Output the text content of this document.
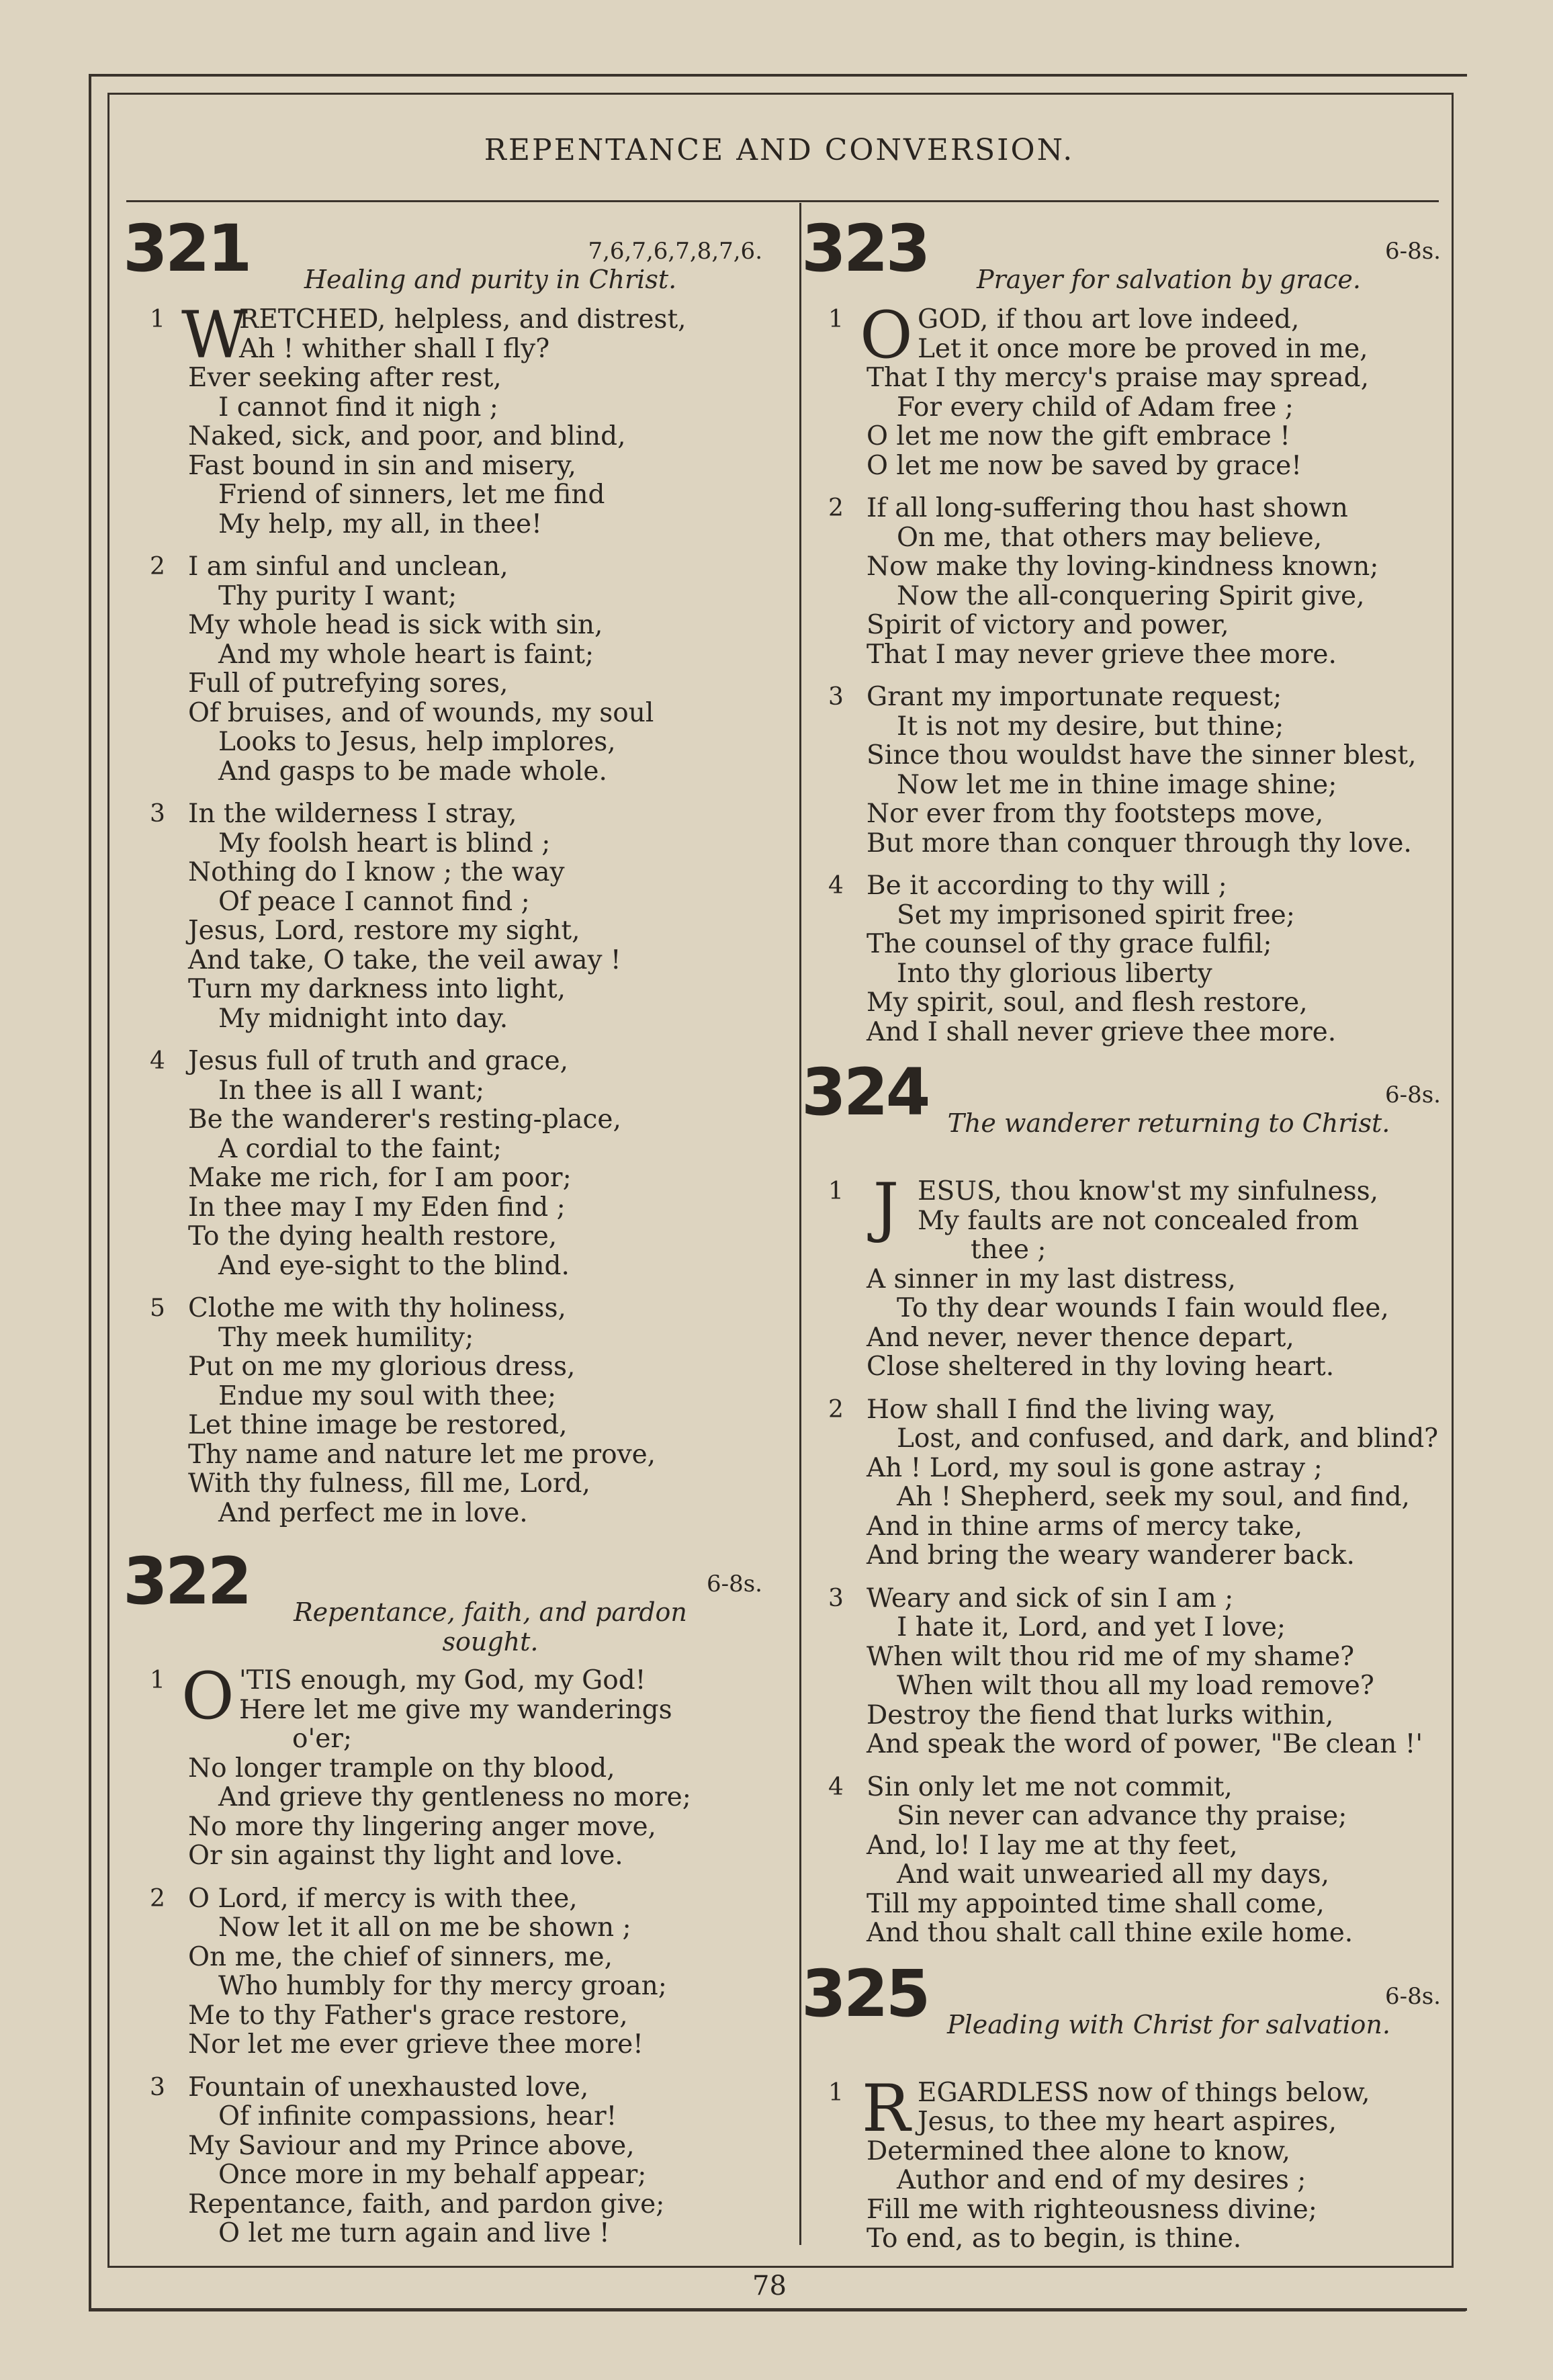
REPENTANCE AND CONVERSION.
321	7,6,7,6,7,8,7,6.
Healing and purity in Christ.
1 W
RETCHED, helpless, and distrest,
Ah ! whither shall I fly?
Ever seeking after rest,
I cannot find it nigh ;
Naked, sick, and poor, and blind,
Fast bound in sin and misery,
Friend of sinners, let me find
My help, my all, in thee!
2 I am sinful and unclean,
Thy purity I want;
My whole head is sick with sin,
And my whole heart is faint;
Full of putrefying sores,
Of bruises, and of wounds, my soul
Looks to Jesus, help implores,
And gasps to be made whole.
3 In the wilderness I stray,
My foolsh heart is blind ;
Nothing do I know ; the way
Of peace I cannot find ;
Jesus, Lord, restore my sight,
And take, O take, the veil away !
Turn my darkness into light,
My midnight into day.
4 Jesus full of truth and grace,
In thee is all I want;
Be the wanderer's resting-place,
A cordial to the faint;
Make me rich, for I am poor;
In thee may I my Eden find ;
To the dying health restore,
And eye-sight to the blind.
5 Clothe me with thy holiness,
Thy meek humility;
Put on me my glorious dress,
Endue my soul with thee;
Let thine image be restored,
Thy name and nature let me prove,
With thy fulness, fill me, Lord,
And perfect me in love.
322	6-8s.
Repentance, faith, and pardon sought.
1 O 'TIS enough, my God, my God!
Here let me give my wanderings
o'er;
No longer trample on thy blood,
And grieve thy gentleness no more;
No more thy lingering anger move,
Or sin against thy light and love.
2 O Lord, if mercy is with thee,
Now let it all on me be shown ;
On me, the chief of sinners, me,
Who humbly for thy mercy groan;
Me to thy Father's grace restore,
Nor let me ever grieve thee more!
3 Fountain of unexhausted love,
Of infinite compassions, hear!
My Saviour and my Prince above,
Once more in my behalf appear;
Repentance, faith, and pardon give;
O let me turn again and live !
323	6-8s.
Prayer for salvation by grace.
1 O GOD, if thou art love indeed,
Let it once more be proved in me,
That I thy mercy's praise may spread,
For every child of Adam free ;
O let me now the gift embrace !
O let me now be saved by grace!
2 If all long-suffering thou hast shown
On me, that others may believe,
Now make thy loving-kindness known;
Now the all-conquering Spirit give,
Spirit of victory and power,
That I may never grieve thee more.
3 Grant my importunate request;
It is not my desire, but thine;
Since thou wouldst have the sinner blest,
Now let me in thine image shine;
Nor ever from thy footsteps move,
But more than conquer through thy love.
4 Be it according to thy will ;
Set my imprisoned spirit free;
The counsel of thy grace fulfil;
Into thy glorious liberty
My spirit, soul, and flesh restore,
And I shall never grieve thee more.
324	6-8s.
The wanderer returning to Christ.
1 J ESUS, thou know'st my sinfulness,
My faults are not concealed from
thee ;
A sinner in my last distress,
To thy dear wounds I fain would flee,
And never, never thence depart,
Close sheltered in thy loving heart.
2 How shall I find the living way,
Lost, and confused, and dark, and blind?
Ah ! Lord, my soul is gone astray ;
Ah ! Shepherd, seek my soul, and find,
And in thine arms of mercy take,
And bring the weary wanderer back.
3 Weary and sick of sin I am ;
I hate it, Lord, and yet I love;
When wilt thou rid me of my shame?
When wilt thou all my load remove?
Destroy the fiend that lurks within,
And speak the word of power, "Be clean !'
4 Sin only let me not commit,
Sin never can advance thy praise;
And, lo! I lay me at thy feet,
And wait unwearied all my days,
Till my appointed time shall come,
And thou shalt call thine exile home.
325	6-8s.
Pleading with Christ for salvation.
1 R EGARDLESS now of things below,
Jesus, to thee my heart aspires,
Determined thee alone to know,
Author and end of my desires ;
Fill me with righteousness divine;
To end, as to begin, is thine.
78
